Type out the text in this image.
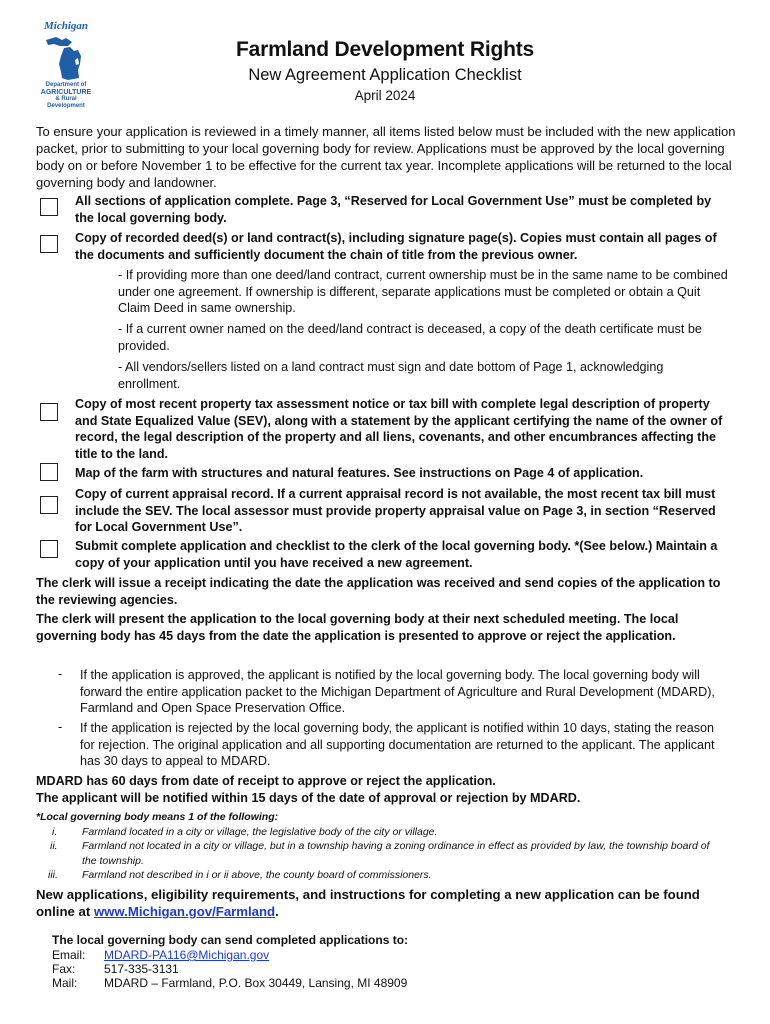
Michigan
Department of
AGRICULTURE
& Rural Development
Farmland Development Rights
New Agreement Application Checklist
April 2024
To ensure your application is reviewed in a timely manner, all items listed below must be included with the new application packet, prior to submitting to your local governing body for review. Applications must be approved by the local governing body on or before November 1 to be effective for the current tax year. Incomplete applications will be returned to the local governing body and landowner.
All sections of application complete. Page 3, “Reserved for Local Government Use” must be completed by the local governing body.
Copy of recorded deed(s) or land contract(s), including signature page(s). Copies must contain all pages of the documents and sufficiently document the chain of title from the previous owner.
- If providing more than one deed/land contract, current ownership must be in the same name to be combined under one agreement. If ownership is different, separate applications must be completed or obtain a Quit Claim Deed in same ownership.
- If a current owner named on the deed/land contract is deceased, a copy of the death certificate must be provided.
- All vendors/sellers listed on a land contract must sign and date bottom of Page 1, acknowledging enrollment.
Copy of most recent property tax assessment notice or tax bill with complete legal description of property and State Equalized Value (SEV), along with a statement by the applicant certifying the name of the owner of record, the legal description of the property and all liens, covenants, and other encumbrances affecting the title to the land.
Map of the farm with structures and natural features. See instructions on Page 4 of application.
Copy of current appraisal record. If a current appraisal record is not available, the most recent tax bill must include the SEV. The local assessor must provide property appraisal value on Page 3, in section “Reserved for Local Government Use”.
Submit complete application and checklist to the clerk of the local governing body. *(See below.) Maintain a copy of your application until you have received a new agreement.
The clerk will issue a receipt indicating the date the application was received and send copies of the application to the reviewing agencies.
The clerk will present the application to the local governing body at their next scheduled meeting. The local governing body has 45 days from the date the application is presented to approve or reject the application.
- If the application is approved, the applicant is notified by the local governing body. The local governing body will forward the entire application packet to the Michigan Department of Agriculture and Rural Development (MDARD), Farmland and Open Space Preservation Office.
- If the application is rejected by the local governing body, the applicant is notified within 10 days, stating the reason for rejection. The original application and all supporting documentation are returned to the applicant. The applicant has 30 days to appeal to MDARD.
MDARD has 60 days from date of receipt to approve or reject the application.
The applicant will be notified within 15 days of the date of approval or rejection by MDARD.
*Local governing body means 1 of the following:
i. Farmland located in a city or village, the legislative body of the city or village.
ii. Farmland not located in a city or village, but in a township having a zoning ordinance in effect as provided by law, the township board of the township.
iii. Farmland not described in i or ii above, the county board of commissioners.
New applications, eligibility requirements, and instructions for completing a new application can be found online at www.Michigan.gov/Farmland.
The local governing body can send completed applications to:
Email: MDARD-PA116@Michigan.gov
Fax: 517-335-3131
Mail: MDARD – Farmland, P.O. Box 30449, Lansing, MI 48909
